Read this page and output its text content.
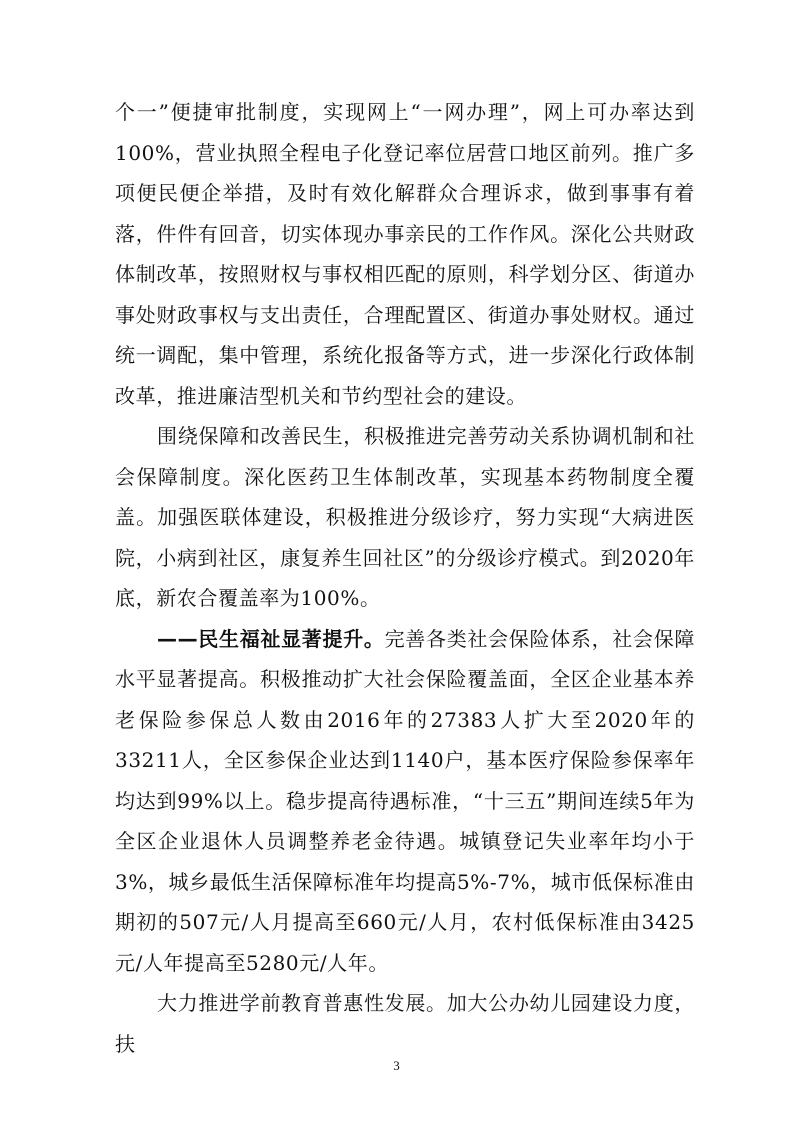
个一”便捷审批制度，实现网上“一网办理”，网上可办率达到100%，营业执照全程电子化登记率位居营口地区前列。推广多项便民便企举措，及时有效化解群众合理诉求，做到事事有着落，件件有回音，切实体现办事亲民的工作作风。深化公共财政体制改革，按照财权与事权相匹配的原则，科学划分区、街道办事处财政事权与支出责任，合理配置区、街道办事处财权。通过统一调配，集中管理，系统化报备等方式，进一步深化行政体制改革，推进廉洁型机关和节约型社会的建设。

围绕保障和改善民生，积极推进完善劳动关系协调机制和社会保障制度。深化医药卫生体制改革，实现基本药物制度全覆盖。加强医联体建设，积极推进分级诊疗，努力实现“大病进医院，小病到社区，康复养生回社区”的分级诊疗模式。到2020年底，新农合覆盖率为100%。

——民生福祉显著提升。完善各类社会保险体系，社会保障水平显著提高。积极推动扩大社会保险覆盖面，全区企业基本养老保险参保总人数由2016年的27383人扩大至2020年的33211人，全区参保企业达到1140户，基本医疗保险参保率年均达到99%以上。稳步提高待遇标准，“十三五”期间连续5年为全区企业退休人员调整养老金待遇。城镇登记失业率年均小于3%，城乡最低生活保障标准年均提高5%-7%，城市低保标准由期初的507元/人月提高至660元/人月，农村低保标准由3425元/人年提高至5280元/人年。

大力推进学前教育普惠性发展。加大公办幼儿园建设力度，扶

3
